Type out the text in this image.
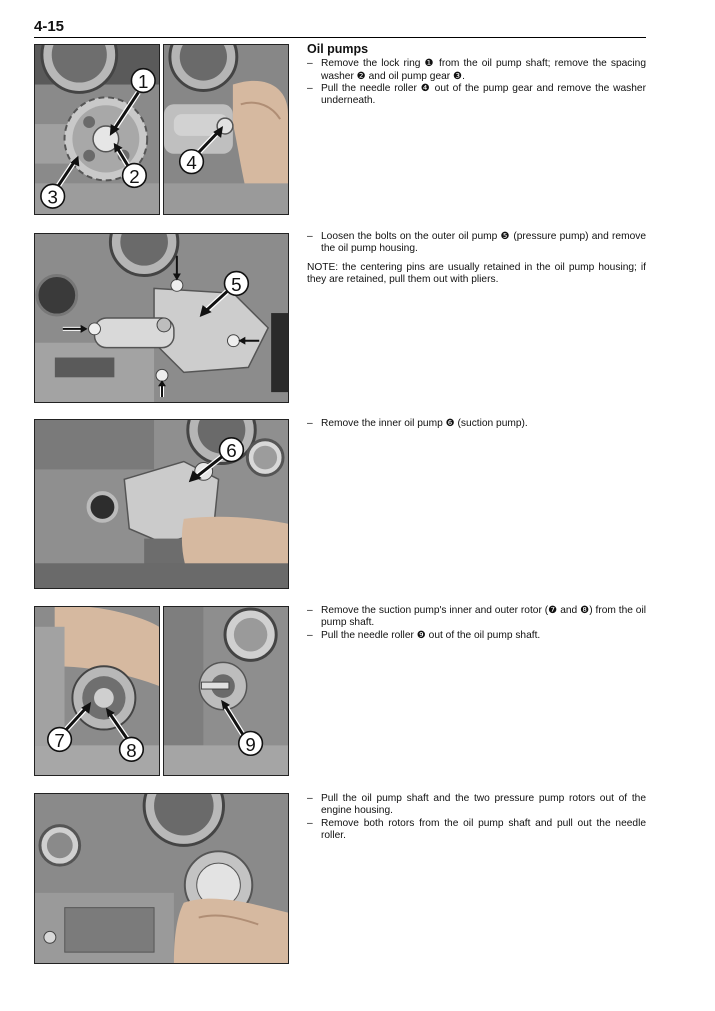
4-15
1
2
3
4
Oil pumps

– Remove the lock ring ❶ from the oil pump shaft; remove the spacing washer ❷ and oil pump gear ❸.

– Pull the needle roller ❹ out of the pump gear and remove the washer underneath.

5

– Loosen the bolts on the outer oil pump ❺ (pressure pump) and remove the oil pump housing.

NOTE: the centering pins are usually retained in the oil pump housing; if they are retained, pull them out with pliers.

6

– Remove the inner oil pump ❻ (suction pump).

7	8	9

– Remove the suction pump's inner and outer rotor (❼ and ❽) from the oil pump shaft.

– Pull the needle roller ❾ out of the oil pump shaft.

– Pull the oil pump shaft and the two pressure pump rotors out of the engine housing.

– Remove both rotors from the oil pump shaft and pull out the needle roller.
